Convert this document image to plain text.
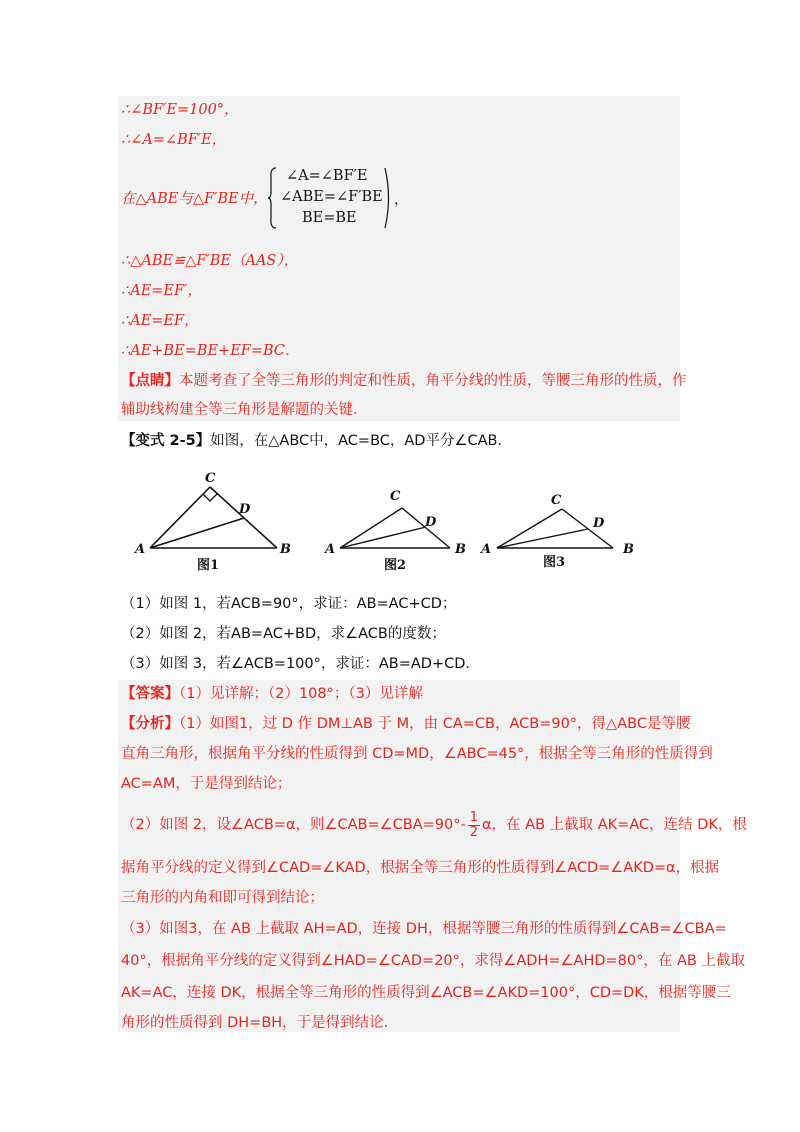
∴∠BF′E=100°，
∴∠A=∠BF′E，
在△ABE与△F′BE中，
∠A=∠BF′E
∠ABE=∠F′BE
BE=BE
，
∴△ABE≌△F′BE（AAS），
∴AE=EF′，
∴AE=EF，
∴AE+BE=BE+EF=BC．
【点睛】本题考查了全等三角形的判定和性质，角平分线的性质，等腰三角形的性质，作
辅助线构建全等三角形是解题的关键．
【变式 2-5】如图，在△ABC中，AC=BC，AD平分∠CAB．
C
D
A	B
图1
C
D
A	B
图2
C
D
A	B
图3
（1）如图 1，若ACB=90°，求证：AB=AC+CD；
（2）如图 2，若AB=AC+BD，求∠ACB的度数；
（3）如图 3，若∠ACB=100°，求证：AB=AD+CD．
【答案】（1）见详解；（2）108°；（3）见详解
【分析】（1）如图1，过 D 作 DM⊥AB 于 M，由 CA=CB，ACB=90°，得△ABC是等腰
直角三角形，根据角平分线的性质得到 CD=MD，∠ABC=45°，根据全等三角形的性质得到
AC=AM，于是得到结论；
（2）如图 2，设∠ACB=α，则∠CAB=∠CBA=90°- $\frac{1}{2}$ α，在 AB 上截取 AK=AC，连结 DK，根
据角平分线的定义得到∠CAD=∠KAD，根据全等三角形的性质得到∠ACD=∠AKD=α，根据
三角形的内角和即可得到结论；
（3）如图3，在 AB 上截取 AH=AD，连接 DH，根据等腰三角形的性质得到∠CAB=∠CBA=
40°，根据角平分线的定义得到∠HAD=∠CAD=20°，求得∠ADH=∠AHD=80°，在 AB 上截取
AK=AC，连接 DK，根据全等三角形的性质得到∠ACB=∠AKD=100°，CD=DK，根据等腰三
角形的性质得到 DH=BH，于是得到结论．
